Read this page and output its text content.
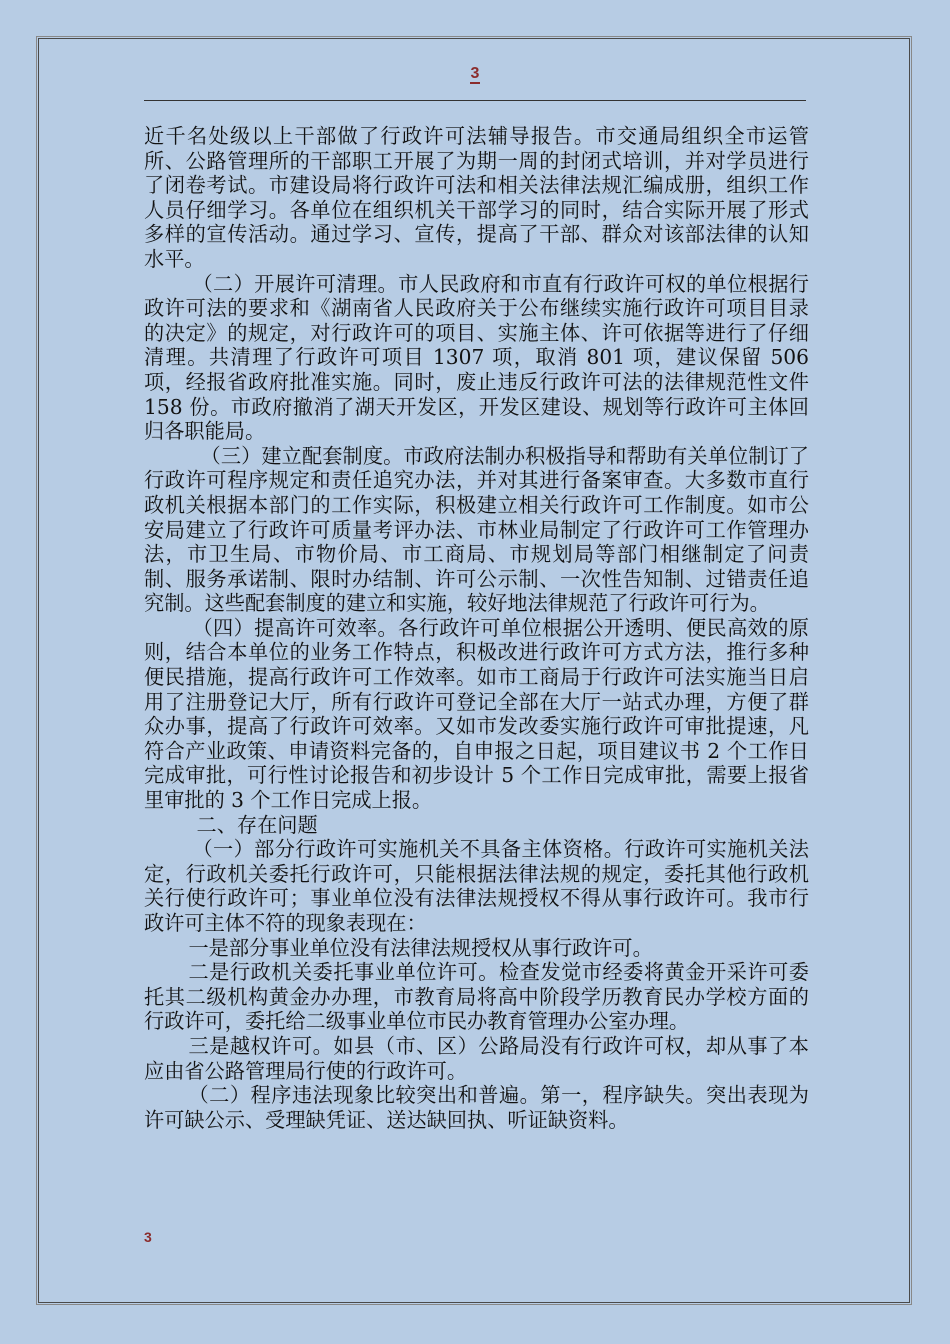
3

近千名处级以上干部做了行政许可法辅导报告。市交通局组织全市运管所、公路管理所的干部职工开展了为期一周的封闭式培训，并对学员进行了闭卷考试。市建设局将行政许可法和相关法律法规汇编成册，组织工作人员仔细学习。各单位在组织机关干部学习的同时，结合实际开展了形式多样的宣传活动。通过学习、宣传，提高了干部、群众对该部法律的认知水平。

（二）开展许可清理。市人民政府和市直有行政许可权的单位根据行政许可法的要求和《湖南省人民政府关于公布继续实施行政许可项目目录的决定》的规定，对行政许可的项目、实施主体、许可依据等进行了仔细清理。共清理了行政许可项目 1307 项，取消 801 项，建议保留 506 项，经报省政府批准实施。同时，废止违反行政许可法的法律规范性文件 158 份。市政府撤消了湖天开发区，开发区建设、规划等行政许可主体回归各职能局。

（三）建立配套制度。市政府法制办积极指导和帮助有关单位制订了行政许可程序规定和责任追究办法，并对其进行备案审查。大多数市直行政机关根据本部门的工作实际，积极建立相关行政许可工作制度。如市公安局建立了行政许可质量考评办法、市林业局制定了行政许可工作管理办法，市卫生局、市物价局、市工商局、市规划局等部门相继制定了问责制、服务承诺制、限时办结制、许可公示制、一次性告知制、过错责任追究制。这些配套制度的建立和实施，较好地法律规范了行政许可行为。

（四）提高许可效率。各行政许可单位根据公开透明、便民高效的原则，结合本单位的业务工作特点，积极改进行政许可方式方法，推行多种便民措施，提高行政许可工作效率。如市工商局于行政许可法实施当日启用了注册登记大厅，所有行政许可登记全部在大厅一站式办理，方便了群众办事，提高了行政许可效率。又如市发改委实施行政许可审批提速，凡符合产业政策、申请资料完备的，自申报之日起，项目建议书 2 个工作日完成审批，可行性讨论报告和初步设计 5 个工作日完成审批，需要上报省里审批的 3 个工作日完成上报。

二、存在问题

（一）部分行政许可实施机关不具备主体资格。行政许可实施机关法定，行政机关委托行政许可，只能根据法律法规的规定，委托其他行政机关行使行政许可；事业单位没有法律法规授权不得从事行政许可。我市行政许可主体不符的现象表现在：

一是部分事业单位没有法律法规授权从事行政许可。

二是行政机关委托事业单位许可。检查发觉市经委将黄金开采许可委托其二级机构黄金办办理，市教育局将高中阶段学历教育民办学校方面的行政许可，委托给二级事业单位市民办教育管理办公室办理。

三是越权许可。如县（市、区）公路局没有行政许可权，却从事了本应由省公路管理局行使的行政许可。

（二）程序违法现象比较突出和普遍。第一，程序缺失。突出表现为许可缺公示、受理缺凭证、送达缺回执、听证缺资料。

3
